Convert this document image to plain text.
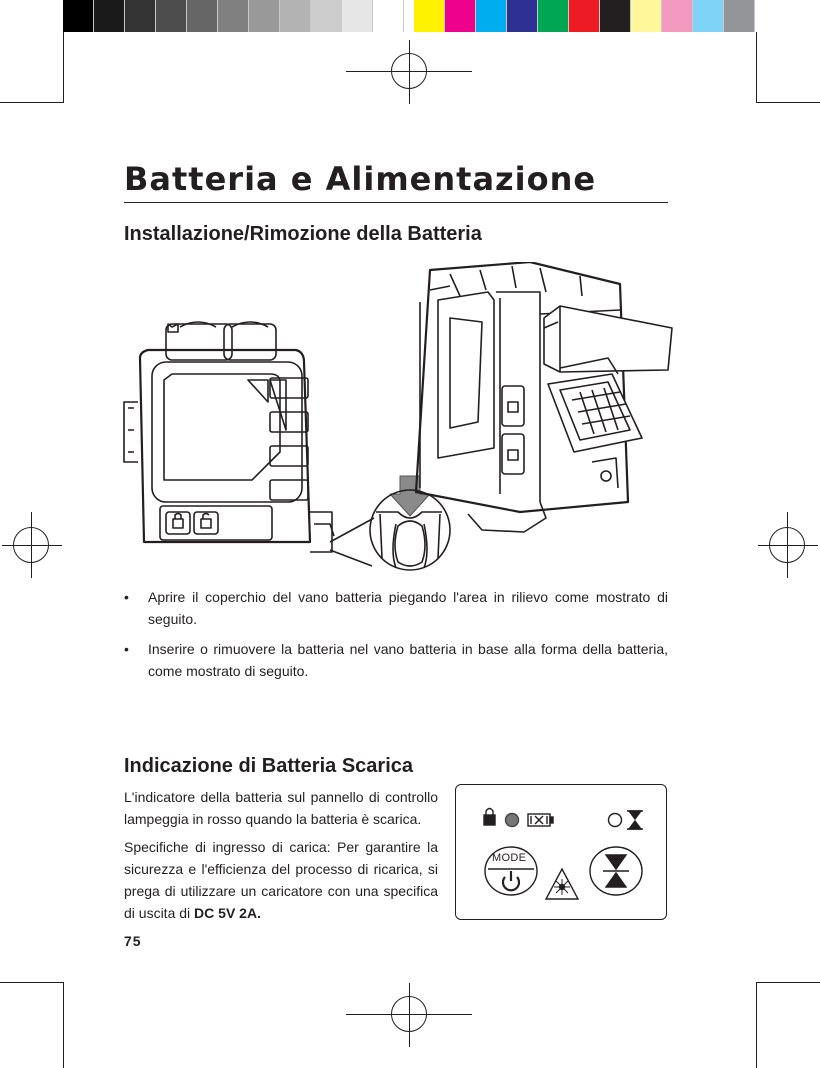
Batteria e Alimentazione
Installazione/Rimozione della Batteria
• Aprire il coperchio del vano batteria piegando l'area in rilievo come mostrato di seguito.
• Inserire o rimuovere la batteria nel vano batteria in base alla forma della batteria, come mostrato di seguito.
Indicazione di Batteria Scarica

L'indicatore della batteria sul pannello di controllo lampeggia in rosso quando la batteria è scarica.

Specifiche di ingresso di carica: Per garantire la sicurezza e l'efficienza del processo di ricarica, si prega di utilizzare un caricatore con una specifica di uscita di DC 5V 2A.

MODE
75
